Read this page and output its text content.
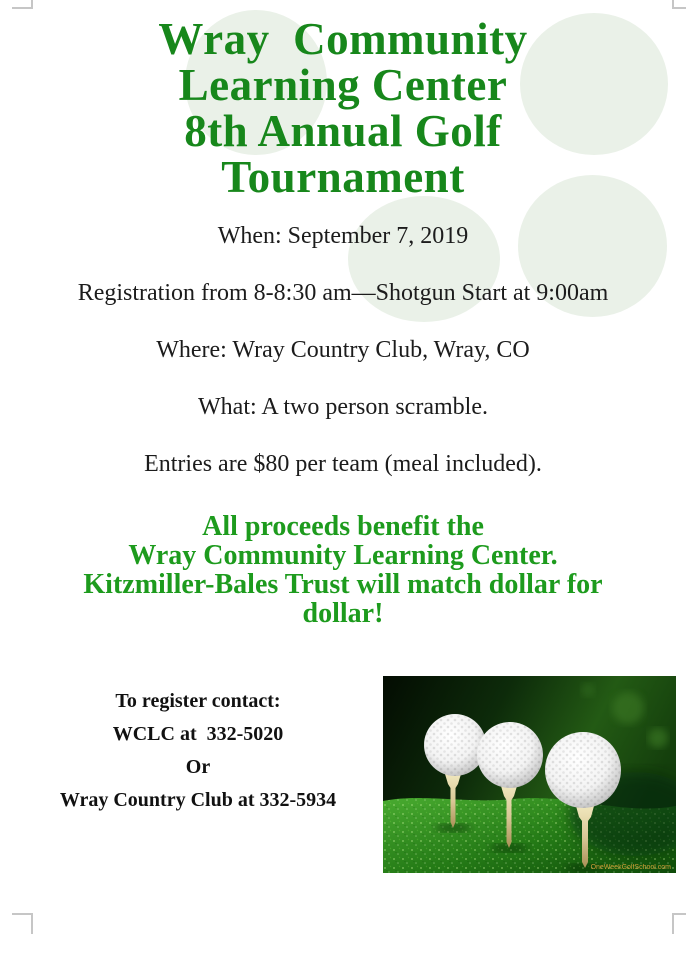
Wray  Community
Learning Center
8th Annual Golf
Tournament

When: September 7, 2019

Registration from 8-8:30 am—Shotgun Start at 9:00am

Where: Wray Country Club, Wray, CO

What: A two person scramble.

Entries are $80 per team (meal included).

All proceeds benefit the
Wray Community Learning Center.
Kitzmiller-Bales Trust will match dollar for
dollar!

To register contact:

WCLC at  332-5020

Or

Wray Country Club at 332-5934

OneWeekGolfSchool.com
